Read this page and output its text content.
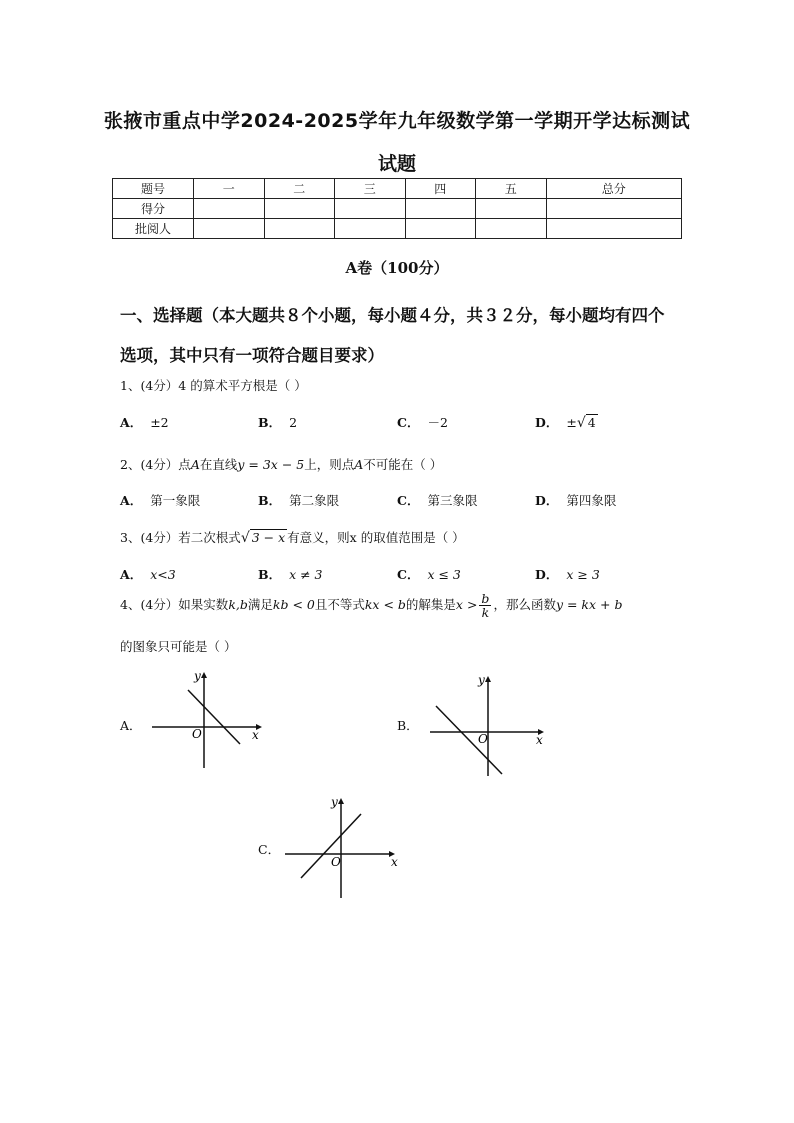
张掖市重点中学2024-2025学年九年级数学第一学期开学达标测试
试题
题号	一	二	三	四	五	总分
得分						
批阅人						
A卷（100分）
一、选择题（本大题共８个小题，每小题４分，共３２分，每小题均有四个选项，其中只有一项符合题目要求）
1、(4分）4 的算术平方根是（ ）
A． ±2	B． 2	C． －2	D． ±√ 4
2、(4分）点A在直线y = 3x − 5上，则点A不可能在（ ）
A． 第一象限	B． 第二象限	C． 第三象限	D． 第四象限
3、(4分）若二次根式√ 3 − x 有意义，则x 的取值范围是（ ）
A． x<3	B． x ≠ 3	C． x ≤ 3	D． x ≥ 3
4、(4分）如果实数k,b满足kb < 0且不等式kx < b的解集是$x > \frac{b}{k}$ ，那么函数y = kx + b
的图象只可能是（ ）
A．
x
y
O
B．
x
y
O
C．
x
y
O
